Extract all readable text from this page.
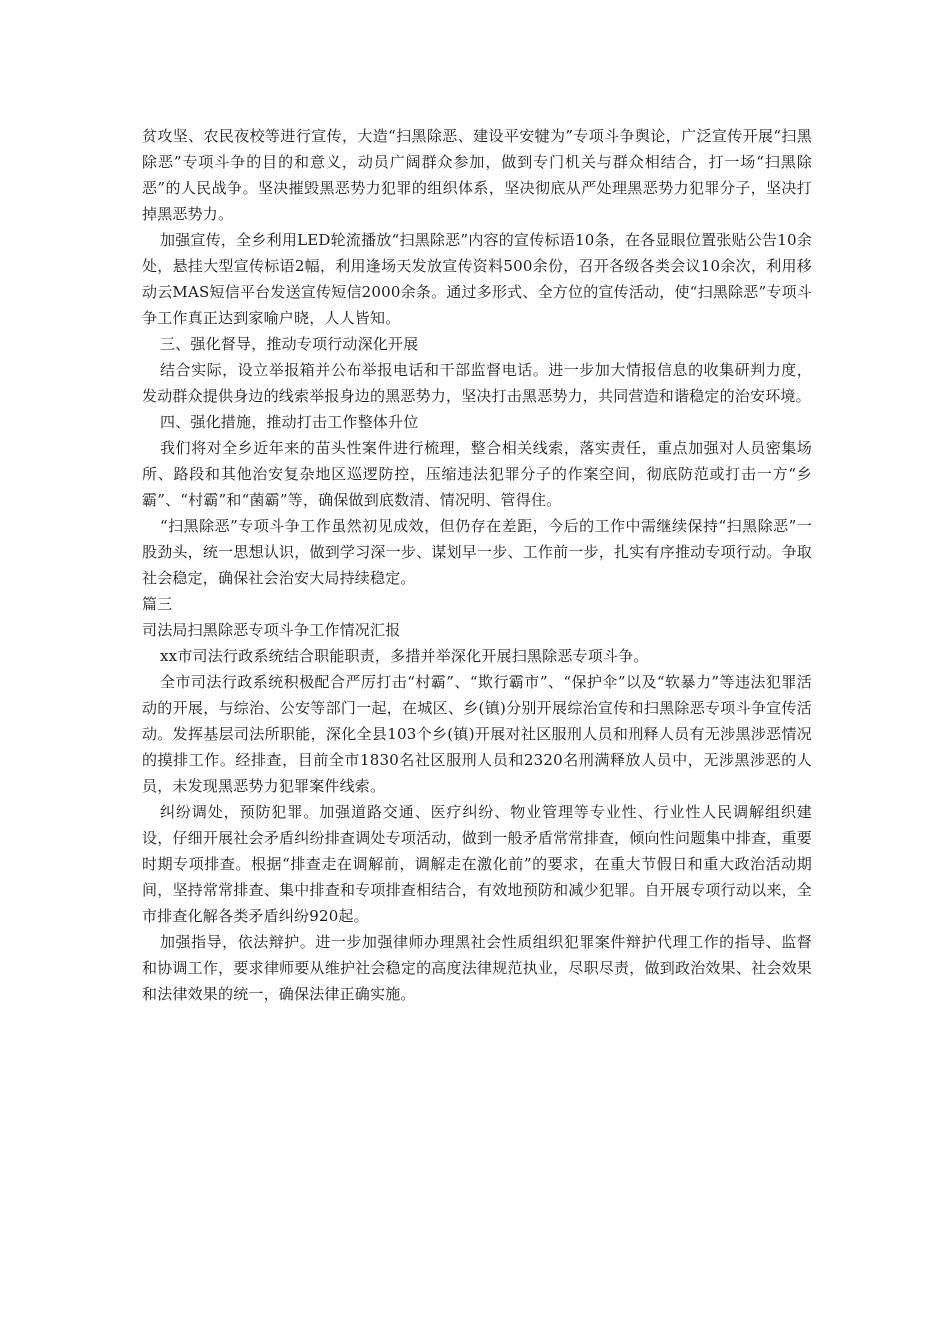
贫攻坚、农民夜校等进行宣传，大造“扫黑除恶、建设平安犍为”专项斗争舆论，广泛宣传开展“扫黑除恶”专项斗争的目的和意义，动员广阔群众参加，做到专门机关与群众相结合，打一场“扫黑除恶”的人民战争。坚决摧毁黑恶势力犯罪的组织体系，坚决彻底从严处理黑恶势力犯罪分子，坚决打掉黑恶势力。

加强宣传，全乡利用LED轮流播放“扫黑除恶”内容的宣传标语10条，在各显眼位置张贴公告10余处，悬挂大型宣传标语2幅，利用逢场天发放宣传资料500余份，召开各级各类会议10余次，利用移动云MAS短信平台发送宣传短信2000余条。通过多形式、全方位的宣传活动，使“扫黑除恶”专项斗争工作真正达到家喻户晓，人人皆知。

三、强化督导，推动专项行动深化开展

结合实际，设立举报箱并公布举报电话和干部监督电话。进一步加大情报信息的收集研判力度，发动群众提供身边的线索举报身边的黑恶势力，坚决打击黑恶势力，共同营造和谐稳定的治安环境。

四、强化措施，推动打击工作整体升位

我们将对全乡近年来的苗头性案件进行梳理，整合相关线索，落实责任，重点加强对人员密集场所、路段和其他治安复杂地区巡逻防控，压缩违法犯罪分子的作案空间，彻底防范或打击一方“乡霸”、“村霸”和“菌霸”等，确保做到底数清、情况明、管得住。

“扫黑除恶”专项斗争工作虽然初见成效，但仍存在差距，今后的工作中需继续保持“扫黑除恶”一股劲头，统一思想认识，做到学习深一步、谋划早一步、工作前一步，扎实有序推动专项行动。争取社会稳定，确保社会治安大局持续稳定。

篇三

司法局扫黑除恶专项斗争工作情况汇报

xx市司法行政系统结合职能职责，多措并举深化开展扫黑除恶专项斗争。

全市司法行政系统积极配合严厉打击“村霸”、“欺行霸市”、“保护伞”以及“软暴力”等违法犯罪活动的开展，与综治、公安等部门一起，在城区、乡(镇)分别开展综治宣传和扫黑除恶专项斗争宣传活动。发挥基层司法所职能，深化全县103个乡(镇)开展对社区服刑人员和刑释人员有无涉黑涉恶情况的摸排工作。经排查，目前全市1830名社区服刑人员和2320名刑满释放人员中，无涉黑涉恶的人员，未发现黑恶势力犯罪案件线索。

纠纷调处，预防犯罪。加强道路交通、医疗纠纷、物业管理等专业性、行业性人民调解组织建设，仔细开展社会矛盾纠纷排查调处专项活动，做到一般矛盾常常排查，倾向性问题集中排查，重要时期专项排查。根据“排查走在调解前，调解走在激化前”的要求，在重大节假日和重大政治活动期间，坚持常常排查、集中排查和专项排查相结合，有效地预防和减少犯罪。自开展专项行动以来，全市排查化解各类矛盾纠纷920起。

加强指导，依法辩护。进一步加强律师办理黑社会性质组织犯罪案件辩护代理工作的指导、监督和协调工作，要求律师要从维护社会稳定的高度法律规范执业，尽职尽责，做到政治效果、社会效果和法律效果的统一，确保法律正确实施。
